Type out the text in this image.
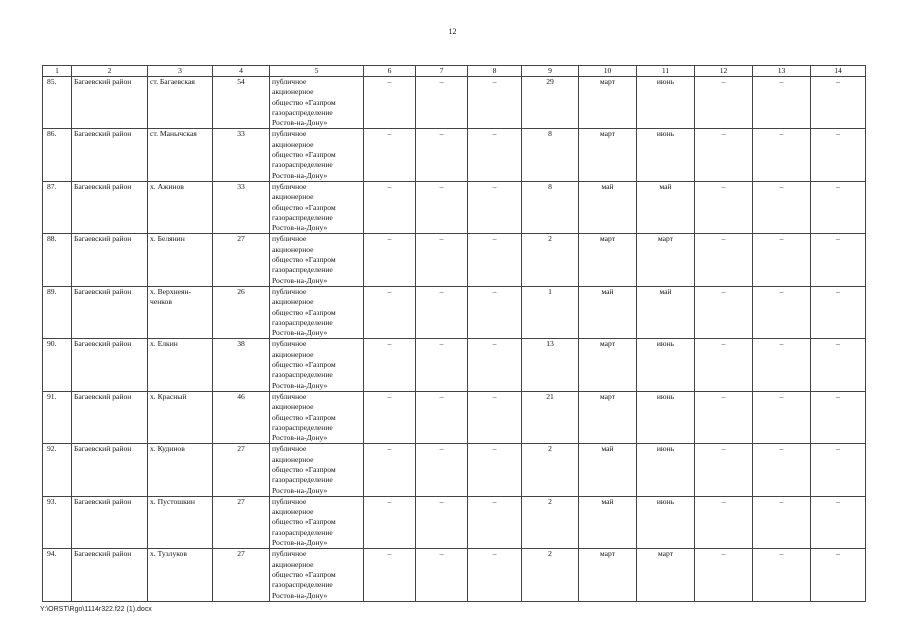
12
1	2	3	4	5	6	7	8	9	10	11	12	13	14
85.	Багаевский район	ст. Багаевская	54	публичное
акционерное
общество «Газпром
газораспределение
Ростов-на-Дону»	–	–	–	29	март	июнь	–	–	–
86.	Багаевский район	ст. Манычская	33	публичное
акционерное
общество «Газпром
газораспределение
Ростов-на-Дону»	–	–	–	8	март	июнь	–	–	–
87.	Багаевский район	х. Ажинов	33	публичное
акционерное
общество «Газпром
газораспределение
Ростов-на-Дону»	–	–	–	8	май	май	–	–	–
88.	Багаевский район	х. Белянин	27	публичное
акционерное
общество «Газпром
газораспределение
Ростов-на-Дону»	–	–	–	2	март	март	–	–	–
89.	Багаевский район	х. Верхнеян-ченков	26	публичное
акционерное
общество «Газпром
газораспределение
Ростов-на-Дону»	–	–	–	1	май	май	–	–	–
90.	Багаевский район	х. Елкин	38	публичное
акционерное
общество «Газпром
газораспределение
Ростов-на-Дону»	–	–	–	13	март	июнь	–	–	–
91.	Багаевский район	х. Красный	46	публичное
акционерное
общество «Газпром
газораспределение
Ростов-на-Дону»	–	–	–	21	март	июнь	–	–	–
92.	Багаевский район	х. Кудинов	27	публичное
акционерное
общество «Газпром
газораспределение
Ростов-на-Дону»	–	–	–	2	май	июнь	–	–	–
93.	Багаевский район	х. Пустошкин	27	публичное
акционерное
общество «Газпром
газораспределение
Ростов-на-Дону»	–	–	–	2	май	июнь	–	–	–
94.	Багаевский район	х. Тузлуков	27	публичное
акционерное
общество «Газпром
газораспределение
Ростов-на-Дону»	–	–	–	2	март	март	–	–	–
Y:\ORST\Rgo\1114r322.f22 (1).docx
